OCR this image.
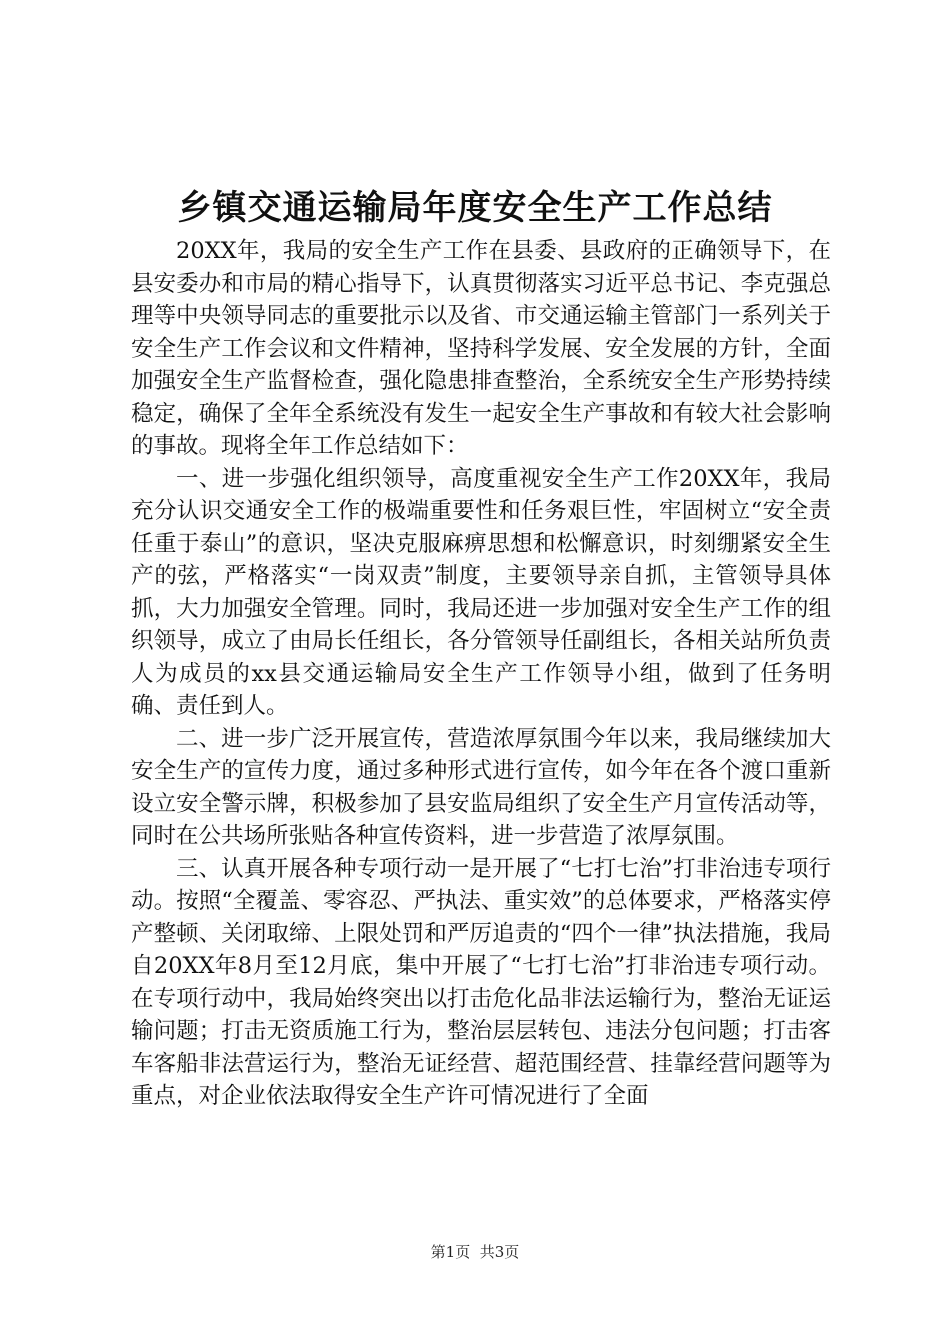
乡镇交通运输局年度安全生产工作总结

20XX年，我局的安全生产工作在县委、县政府的正确领导下，在县安委办和市局的精心指导下，认真贯彻落实习近平总书记、李克强总理等中央领导同志的重要批示以及省、市交通运输主管部门一系列关于安全生产工作会议和文件精神，坚持科学发展、安全发展的方针，全面加强安全生产监督检查，强化隐患排查整治，全系统安全生产形势持续稳定，确保了全年全系统没有发生一起安全生产事故和有较大社会影响的事故。现将全年工作总结如下：

一、进一步强化组织领导，高度重视安全生产工作20XX年，我局充分认识交通安全工作的极端重要性和任务艰巨性，牢固树立“安全责任重于泰山”的意识，坚决克服麻痹思想和松懈意识，时刻绷紧安全生产的弦，严格落实“一岗双责”制度，主要领导亲自抓，主管领导具体抓，大力加强安全管理。同时，我局还进一步加强对安全生产工作的组织领导，成立了由局长任组长，各分管领导任副组长，各相关站所负责人为成员的xx县交通运输局安全生产工作领导小组，做到了任务明确、责任到人。

二、进一步广泛开展宣传，营造浓厚氛围今年以来，我局继续加大安全生产的宣传力度，通过多种形式进行宣传，如今年在各个渡口重新设立安全警示牌，积极参加了县安监局组织了安全生产月宣传活动等，同时在公共场所张贴各种宣传资料，进一步营造了浓厚氛围。

三、认真开展各种专项行动一是开展了“七打七治”打非治违专项行动。按照“全覆盖、零容忍、严执法、重实效”的总体要求，严格落实停产整顿、关闭取缔、上限处罚和严厉追责的“四个一律”执法措施，我局自20XX年8月至12月底，集中开展了“七打七治”打非治违专项行动。在专项行动中，我局始终突出以打击危化品非法运输行为，整治无证运输问题；打击无资质施工行为，整治层层转包、违法分包问题；打击客车客船非法营运行为，整治无证经营、超范围经营、挂靠经营问题等为重点，对企业依法取得安全生产许可情况进行了全面

第1页 共3页
